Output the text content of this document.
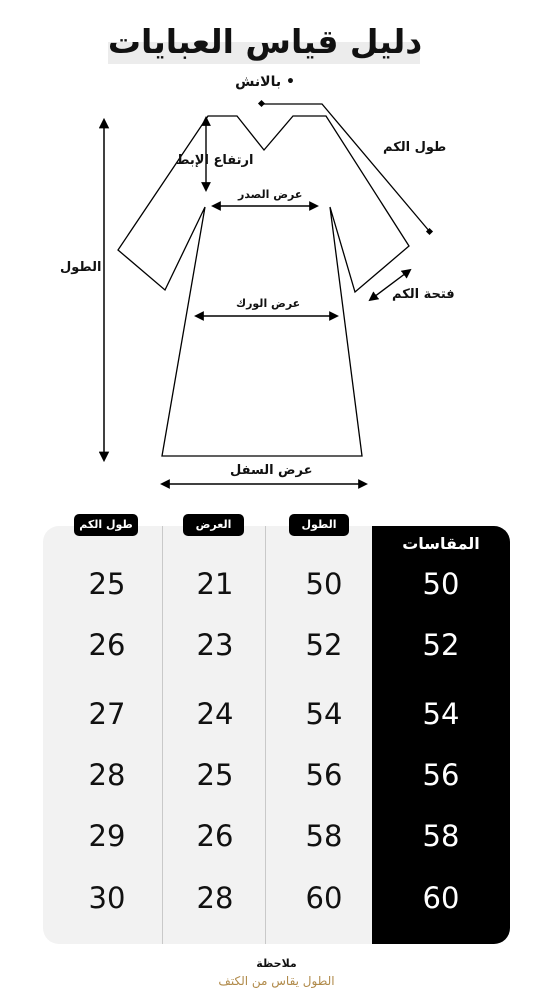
دليل قياس العبايات
• بالانش
الطول
ارتفاع الإبط
عرض الصدر
عرض الورك
عرض السفل
طول الكم
فتحة الكم
طول الكم	العرض	الطول
المقاسات
50
50
21
25
52
52
23
26
54
54
24
27
56
56
25
28
58
58
26
29
60
60
28
30
ملاحظة
الطول يقاس من الكتف
